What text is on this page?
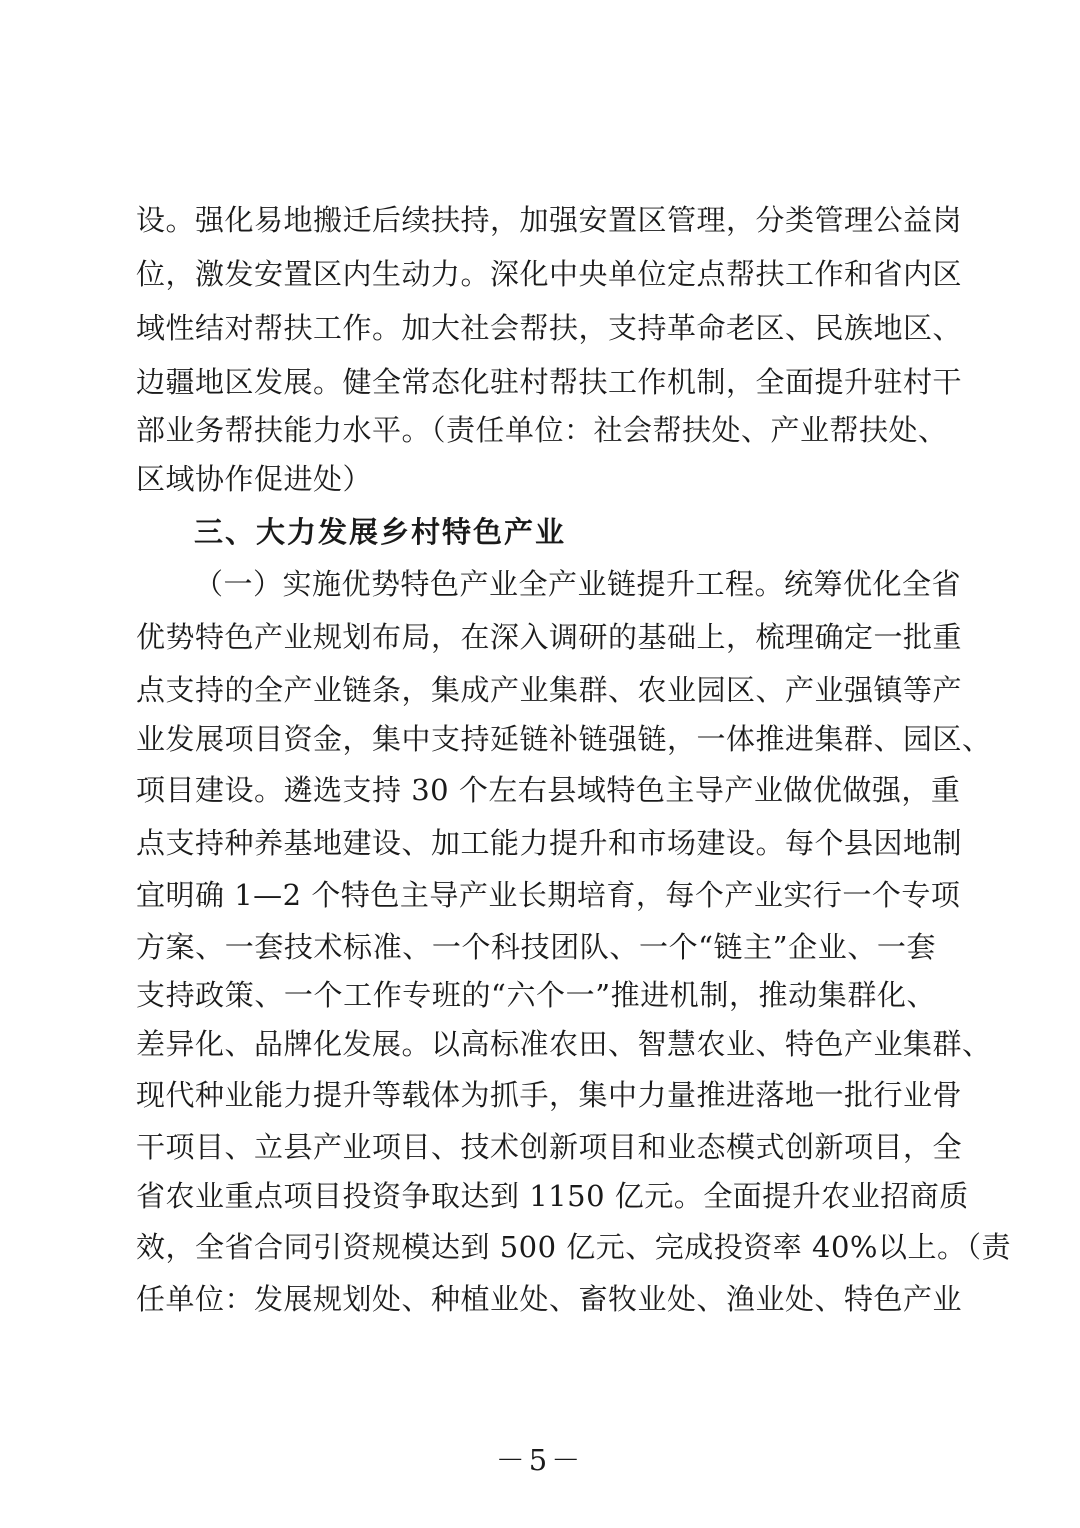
设。强化易地搬迁后续扶持，加强安置区管理，分类管理公益岗
位，激发安置区内生动力。深化中央单位定点帮扶工作和省内区
域性结对帮扶工作。加大社会帮扶，支持革命老区、民族地区、
边疆地区发展。健全常态化驻村帮扶工作机制，全面提升驻村干
部业务帮扶能力水平。（责任单位：社会帮扶处、产业帮扶处、
区域协作促进处）
三、大力发展乡村特色产业
（一）实施优势特色产业全产业链提升工程。统筹优化全省
优势特色产业规划布局，在深入调研的基础上，梳理确定一批重
点支持的全产业链条，集成产业集群、农业园区、产业强镇等产
业发展项目资金，集中支持延链补链强链，一体推进集群、园区、
项目建设。遴选支持 30 个左右县域特色主导产业做优做强，重
点支持种养基地建设、加工能力提升和市场建设。每个县因地制
宜明确 1—2 个特色主导产业长期培育，每个产业实行一个专项
方案、一套技术标准、一个科技团队、一个“链主”企业、一套
支持政策、一个工作专班的“六个一”推进机制，推动集群化、
差异化、品牌化发展。以高标准农田、智慧农业、特色产业集群、
现代种业能力提升等载体为抓手，集中力量推进落地一批行业骨
干项目、立县产业项目、技术创新项目和业态模式创新项目，全
省农业重点项目投资争取达到 1150 亿元。全面提升农业招商质
效，全省合同引资规模达到 500 亿元、完成投资率 40%以上。（责
任单位：发展规划处、种植业处、畜牧业处、渔业处、特色产业
－5－
